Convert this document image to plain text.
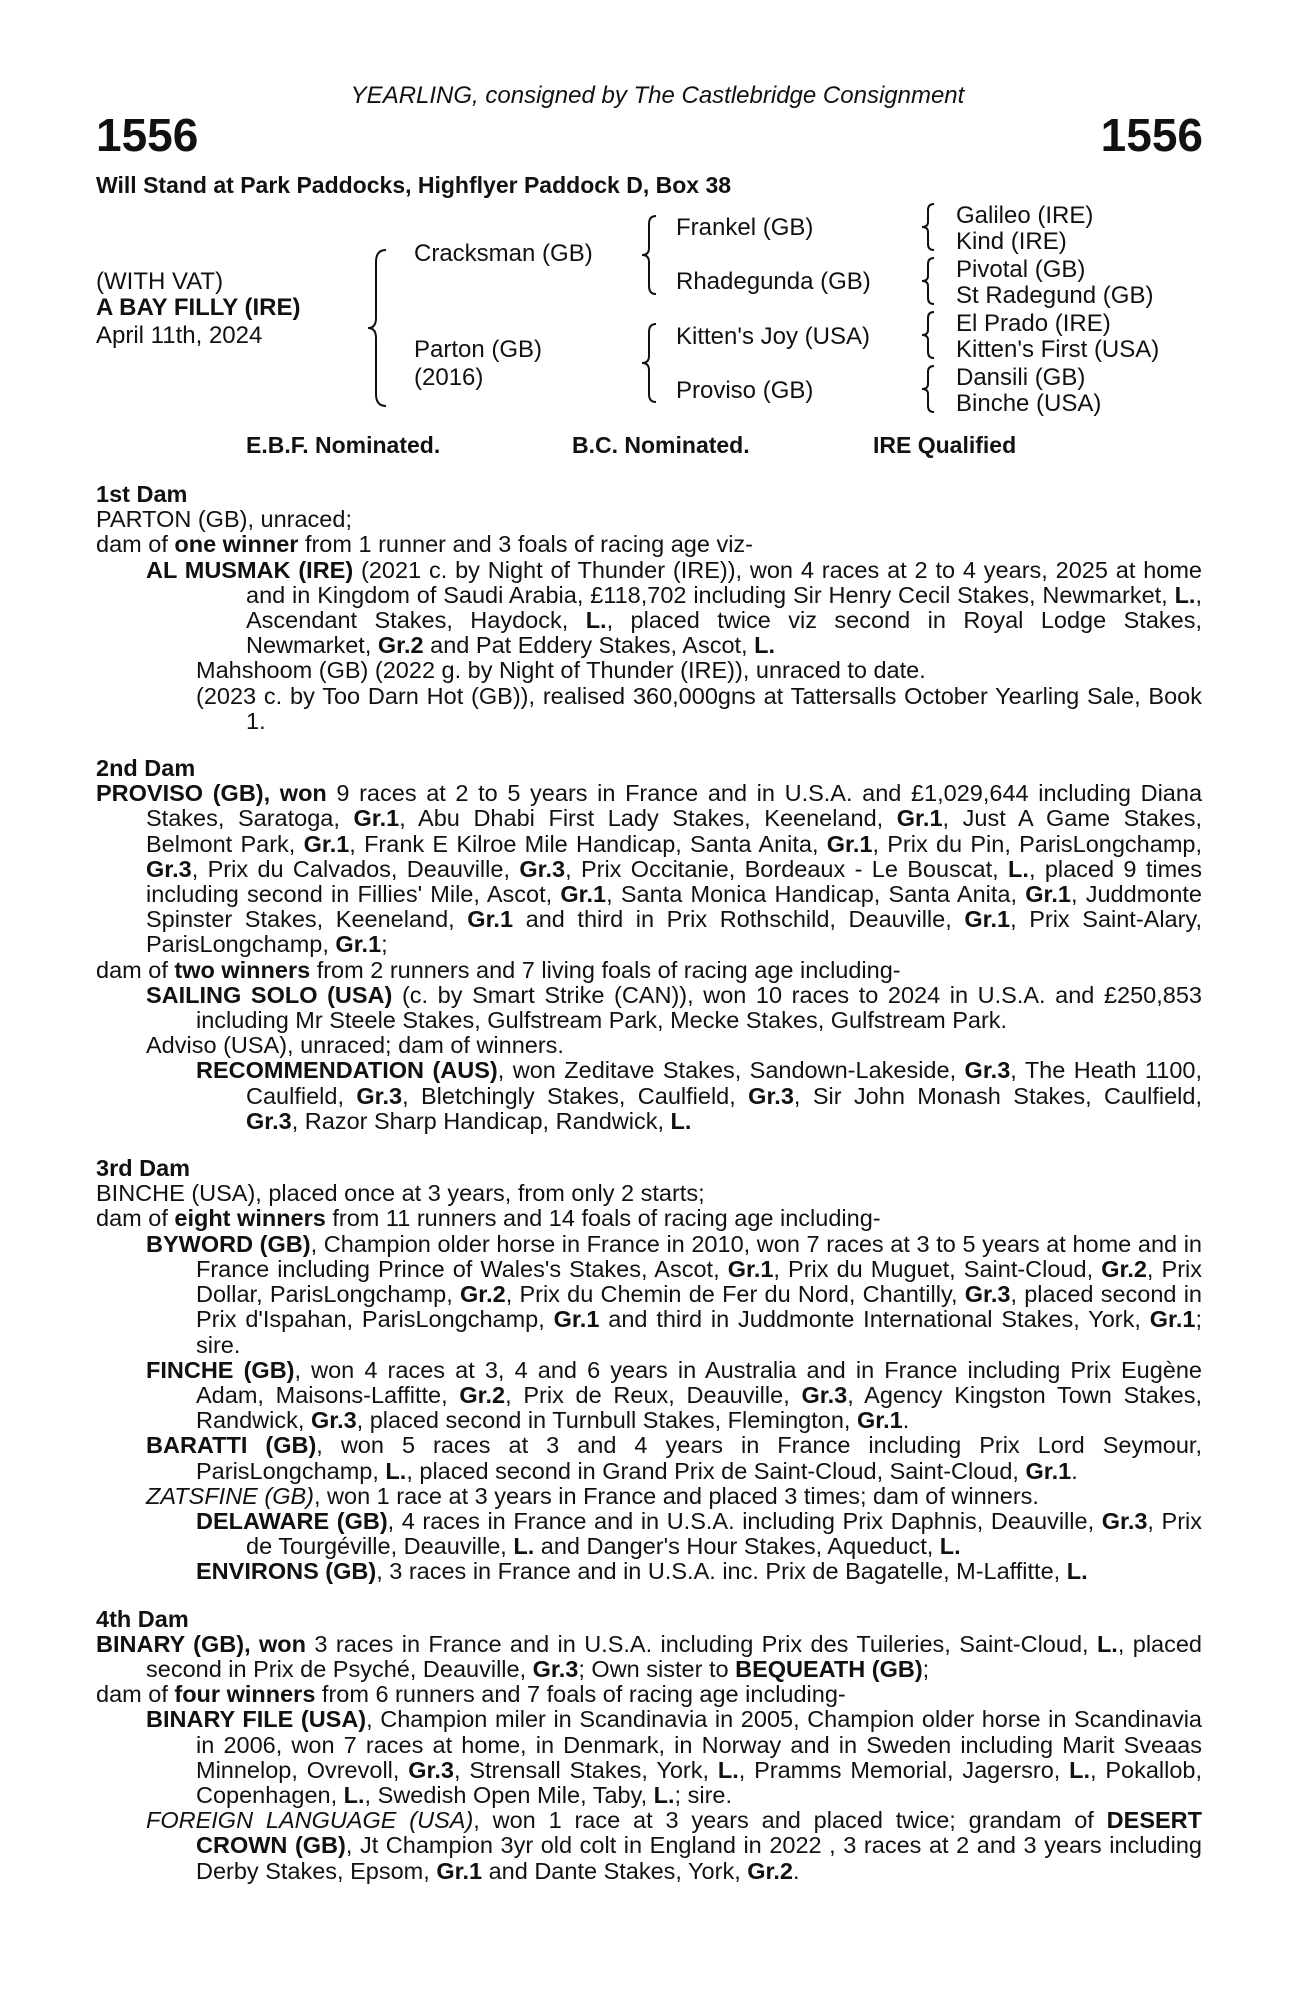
YEARLING, consigned by The Castlebridge Consignment
1556	1556
Will Stand at Park Paddocks, Highflyer Paddock D, Box 38
(WITH VAT)
A BAY FILLY (IRE)
April 11th, 2024
Cracksman (GB)
Parton (GB)
(2016)
Frankel (GB)
Rhadegunda (GB)
Kitten's Joy (USA)
Proviso (GB)
Galileo (IRE)
Kind (IRE)
Pivotal (GB)
St Radegund (GB)
El Prado (IRE)
Kitten's First (USA)
Dansili (GB)
Binche (USA)
E.B.F. Nominated.	B.C. Nominated.	IRE Qualified
1st Dam
PARTON (GB), unraced;
dam of one winner from 1 runner and 3 foals of racing age viz-
AL MUSMAK (IRE) (2021 c. by Night of Thunder (IRE)), won 4 races at 2 to 4 years, 2025 at home and in Kingdom of Saudi Arabia, £118,702 including Sir Henry Cecil Stakes, Newmarket, L., Ascendant Stakes, Haydock, L., placed twice viz second in Royal Lodge Stakes, Newmarket, Gr.2 and Pat Eddery Stakes, Ascot, L.
Mahshoom (GB) (2022 g. by Night of Thunder (IRE)), unraced to date.
(2023 c. by Too Darn Hot (GB)), realised 360,000gns at Tattersalls October Yearling Sale, Book 1.
2nd Dam
PROVISO (GB), won 9 races at 2 to 5 years in France and in U.S.A. and £1,029,644 including Diana Stakes, Saratoga, Gr.1, Abu Dhabi First Lady Stakes, Keeneland, Gr.1, Just A Game Stakes, Belmont Park, Gr.1, Frank E Kilroe Mile Handicap, Santa Anita, Gr.1, Prix du Pin, ParisLongchamp, Gr.3, Prix du Calvados, Deauville, Gr.3, Prix Occitanie, Bordeaux - Le Bouscat, L., placed 9 times including second in Fillies' Mile, Ascot, Gr.1, Santa Monica Handicap, Santa Anita, Gr.1, Juddmonte Spinster Stakes, Keeneland, Gr.1 and third in Prix Rothschild, Deauville, Gr.1, Prix Saint-Alary, ParisLongchamp, Gr.1;
dam of two winners from 2 runners and 7 living foals of racing age including-
SAILING SOLO (USA) (c. by Smart Strike (CAN)), won 10 races to 2024 in U.S.A. and £250,853 including Mr Steele Stakes, Gulfstream Park, Mecke Stakes, Gulfstream Park.
Adviso (USA), unraced; dam of winners.
RECOMMENDATION (AUS), won Zeditave Stakes, Sandown-Lakeside, Gr.3, The Heath 1100, Caulfield, Gr.3, Bletchingly Stakes, Caulfield, Gr.3, Sir John Monash Stakes, Caulfield, Gr.3, Razor Sharp Handicap, Randwick, L.
3rd Dam
BINCHE (USA), placed once at 3 years, from only 2 starts;
dam of eight winners from 11 runners and 14 foals of racing age including-
BYWORD (GB), Champion older horse in France in 2010, won 7 races at 3 to 5 years at home and in France including Prince of Wales's Stakes, Ascot, Gr.1, Prix du Muguet, Saint-Cloud, Gr.2, Prix Dollar, ParisLongchamp, Gr.2, Prix du Chemin de Fer du Nord, Chantilly, Gr.3, placed second in Prix d'Ispahan, ParisLongchamp, Gr.1 and third in Juddmonte International Stakes, York, Gr.1; sire.
FINCHE (GB), won 4 races at 3, 4 and 6 years in Australia and in France including Prix Eugène Adam, Maisons-Laffitte, Gr.2, Prix de Reux, Deauville, Gr.3, Agency Kingston Town Stakes, Randwick, Gr.3, placed second in Turnbull Stakes, Flemington, Gr.1.
BARATTI (GB), won 5 races at 3 and 4 years in France including Prix Lord Seymour, ParisLongchamp, L., placed second in Grand Prix de Saint-Cloud, Saint-Cloud, Gr.1.
ZATSFINE (GB), won 1 race at 3 years in France and placed 3 times; dam of winners.
DELAWARE (GB), 4 races in France and in U.S.A. including Prix Daphnis, Deauville, Gr.3, Prix de Tourgéville, Deauville, L. and Danger's Hour Stakes, Aqueduct, L.
ENVIRONS (GB), 3 races in France and in U.S.A. inc. Prix de Bagatelle, M-Laffitte, L.
4th Dam
BINARY (GB), won 3 races in France and in U.S.A. including Prix des Tuileries, Saint-Cloud, L., placed second in Prix de Psyché, Deauville, Gr.3; Own sister to BEQUEATH (GB);
dam of four winners from 6 runners and 7 foals of racing age including-
BINARY FILE (USA), Champion miler in Scandinavia in 2005, Champion older horse in Scandinavia in 2006, won 7 races at home, in Denmark, in Norway and in Sweden including Marit Sveaas Minnelop, Ovrevoll, Gr.3, Strensall Stakes, York, L., Pramms Memorial, Jagersro, L., Pokallob, Copenhagen, L., Swedish Open Mile, Taby, L.; sire.
FOREIGN LANGUAGE (USA), won 1 race at 3 years and placed twice; grandam of DESERT CROWN (GB), Jt Champion 3yr old colt in England in 2022 , 3 races at 2 and 3 years including Derby Stakes, Epsom, Gr.1 and Dante Stakes, York, Gr.2.
